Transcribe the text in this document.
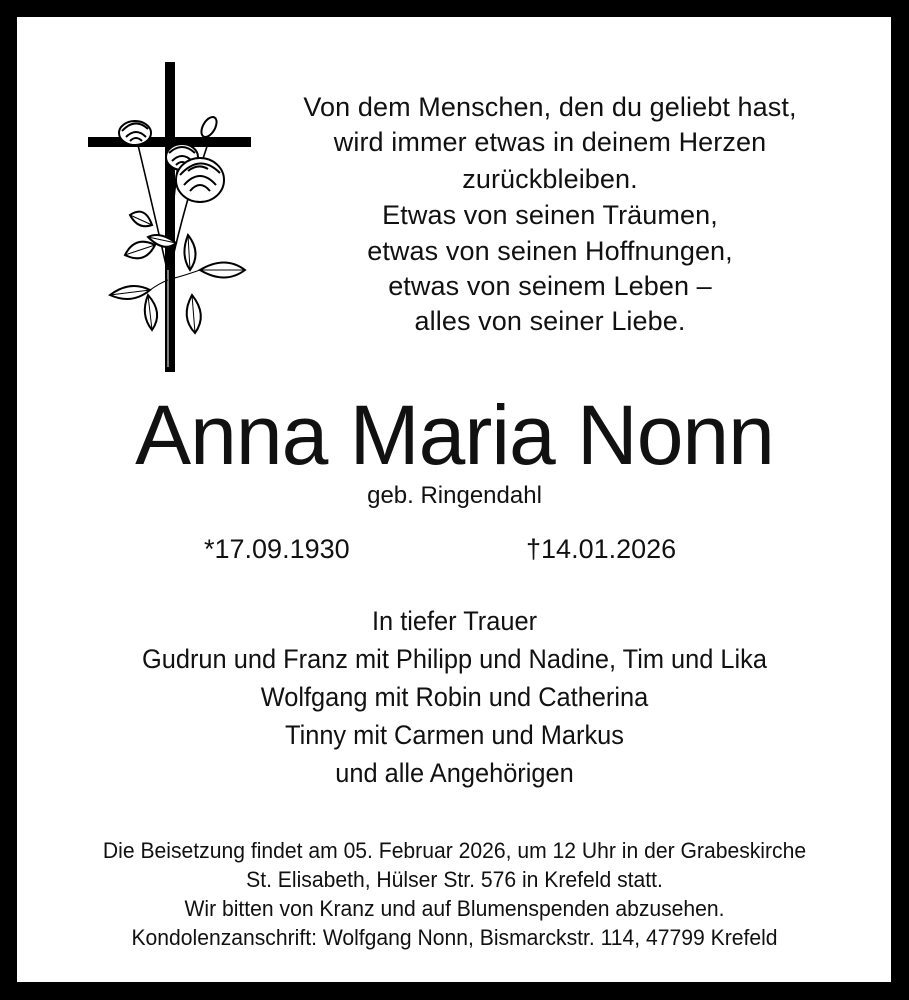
Von dem Menschen, den du geliebt hast,
wird immer etwas in deinem Herzen
zurückbleiben.
Etwas von seinen Träumen,
etwas von seinen Hoffnungen,
etwas von seinem Leben –
alles von seiner Liebe.
Anna Maria Nonn
geb. Ringendahl
*17.09.1930	†14.01.2026
In tiefer Trauer
Gudrun und Franz mit Philipp und Nadine, Tim und Lika
Wolfgang mit Robin und Catherina
Tinny mit Carmen und Markus
und alle Angehörigen
Die Beisetzung findet am 05. Februar 2026, um 12 Uhr in der Grabeskirche
St. Elisabeth, Hülser Str. 576 in Krefeld statt.
Wir bitten von Kranz und auf Blumenspenden abzusehen.
Kondolenzanschrift: Wolfgang Nonn, Bismarckstr. 114, 47799 Krefeld
